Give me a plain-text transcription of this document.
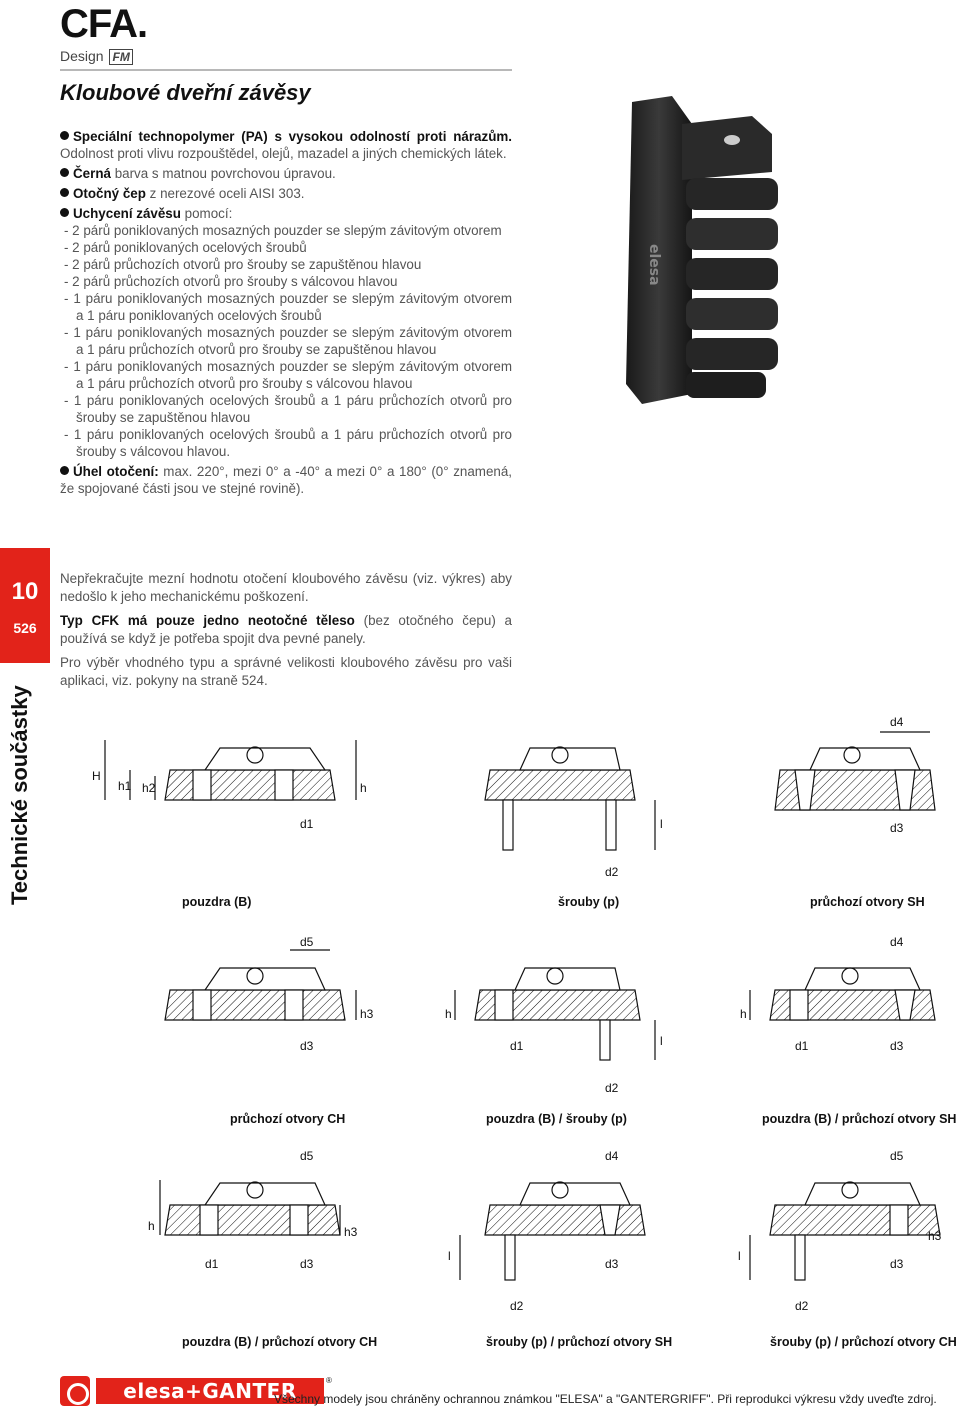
CFA.
Design FM
Kloubové dveřní závěsy
Speciální technopolymer (PA) s vysokou odolností proti nárazům. Odolnost proti vlivu rozpouštědel, olejů, mazadel a jiných chemických látek.
Černá barva s matnou povrchovou úpravou.
Otočný čep z nerezové oceli AISI 303.
Uchycení závěsu pomocí:
- 2 párů poniklovaných mosazných pouzder se slepým závitovým otvorem
- 2 párů poniklovaných ocelových šroubů
- 2 párů průchozích otvorů pro šrouby se zapuštěnou hlavou
- 2 párů průchozích otvorů pro šrouby s válcovou hlavou
- 1 páru poniklovaných mosazných pouzder se slepým závitovým otvorem a 1 páru poniklovaných ocelových šroubů
- 1 páru poniklovaných mosazných pouzder se slepým závitovým otvorem a 1 páru průchozích otvorů pro šrouby se zapuštěnou hlavou
- 1 páru poniklovaných mosazných pouzder se slepým závitovým otvorem a 1 páru průchozích otvorů pro šrouby s válcovou hlavou
- 1 páru poniklovaných ocelových šroubů a 1 páru průchozích otvorů pro šrouby se zapuštěnou hlavou
- 1 páru poniklovaných ocelových šroubů a 1 páru průchozích otvorů pro šrouby s válcovou hlavou.
Úhel otočení: max. 220°, mezi 0° a -40° a mezi 0° a 180° (0° znamená, že spojované části jsou ve stejné rovině).

Nepřekračujte mezní hodnotu otočení kloubového závěsu (viz. výkres) aby nedošlo k jeho mechanickému poškození.

Typ CFK má pouze jedno neotočné těleso (bez otočného čepu) a používá se když je potřeba spojit dva pevné panely.

Pro výběr vhodného typu a správné velikosti kloubového závěsu pro vaši aplikaci, viz. pokyny na straně 524.

elesa
10
526
Technické součástky	H
h1 h2	h
d1
d2
l
d4
d3
d5
d3
h3	h
d1
d2
l
d4
h
d1	d3
d5
h	h3
d1	d3
d4
l
d3
d2
d5
l
h3
d3
d2
pouzdra (B)	šrouby (p)	průchozí otvory SH
průchozí otvory CH	pouzdra (B) / šrouby (p)	pouzdra (B) / průchozí otvory SH
pouzdra (B) / průchozí otvory CH	šrouby (p) / průchozí otvory SH	šrouby (p) / průchozí otvory CH
elesa+GANTER	®
Všechny modely jsou chráněny ochrannou známkou "ELESA" a "GANTERGRIFF". Při reprodukci výkresu vždy uveďte zdroj.
